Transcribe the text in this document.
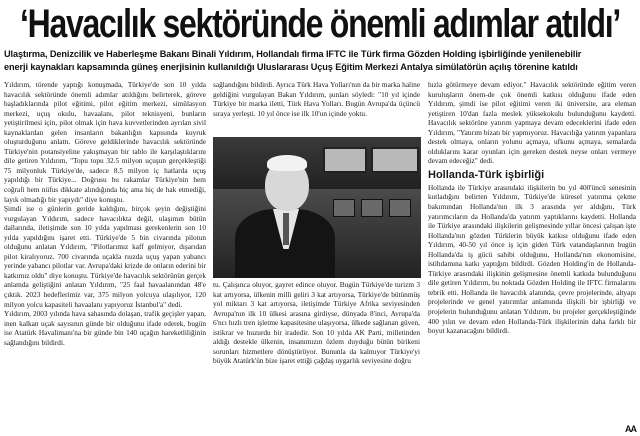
‘Havacılık sektöründe önemli adımlar atıldı’
Ulaştırma, Denizcilik ve Haberleşme Bakanı Binali Yıldırım, Hollandalı firma IFTC ile Türk firma Gözden Holding işbirliğinde yenilenebilir
enerji kaynakları kapsamında güneş enerjisinin kullanıldığı Uluslararası Uçuş Eğitim Merkezi Antalya simülatörün açılış törenine katıldı

Yıldırım, törende yaptığı konuşmada, Türkiye'de son 10 yılda havacılık sektöründe önemli adımlar atıldığını belirterek, göreve başladıklarında pilot eğitimi, pilot eğitim merkezi, simülasyon merkezi, uçuş okulu, havaalanı, pilot teknisyeni, bunların yetiştirilmesi için, pilot olmak için hava kuvvetlerinden ayrılan sivil kaynaklardan gelen insanların bakanlığın kapısında kuyruk oluşturduğunu anlattı. Göreve geldiklerinde havacılık sektöründe Türkiye'nin potansiyeline yakışmayan bir tablo ile karşılaştıklarını dile getiren Yıldırım, "Topu topu 32.5 milyon uçuşun gerçekleştiği 75 milyonluk Türkiye'de, sadece 8.5 milyon iç hatlarda uçuş yapıldığı bir Türkiye... Doğrusu bu rakamlar Türkiye'nin hem coğrafi hem nüfus dikkate alındığında hiç ama hiç de hak etmediği, layık olmadığı bir yapıydı" diye konuştu.

Şimdi ise o günlerin geride kaldığını, birçok şeyin değiştiğini vurgulayan Yıldırım, sadece havacılıkta değil, ulaşımın bütün dallarında, iletişimde son 10 yılda yapılması gerekenlerin son 10 yılda yapıldığını işaret etti. Türkiye'de 5 bin civarında pilotun olduğunu anlatan Yıldırım, "Pilotlarımız kaff gelmiyor, dışarıdan pilot kiralıyoruz. 700 civarında uçakla rıuzda uçuş yapan yabancı yerinde yabancı pilotlar var. Avrupa'daki krizde de onların ederini bir katkımız oldu" diye konuştu. Türkiye'de havacılık sektörünün gerçek anlamda geliştiğini anlatan Yıldırım, "25 faal havaalanından 48'e çıktık. 2023 hedeflerimiz var, 375 milyon yolcuya ulaşılıyor, 120 milyon yolcu kapasiteli havaalanı yapıyoruz İstanbul'a" dedi.

Yıldırım, 2003 yılında hava sahasında dolaşan, trafik geçişler yapan, inen kalkan uçak sayısının günde bir olduğunu ifade ederek, bugün ise Atatürk Havalimanı'na bir günde bin 140 uçağın hareketliliğinin sağlandığını bildirdi.

sağlandığını bildirdi. Ayrıca Türk Hava Yolları'nın da bir marka haline geldiğini vurgulayan Bakan Yıldırım, şunları söyledi: "10 yıl içinde Türkiye bir marka iletti, Türk Hava Yolları. Bugün Avrupa'da üçüncü sıraya yerleşti. 10 yıl önce ise ilk 10'un içinde yoktu.

tu. Çalışınca oluyor, gayret edince oluyor. Bugün Türkiye'de turizm 3 kat artıyorsa, ülkenin milli geliri 3 kat artıyorsa, Türkiye'de bütünmüş yol miktarı 3 kat artıyorsa, iletişimde Türkiye Afrika seviyesinden Avrupa'nın ilk 10 ülkesi arasına girdiyse, dünyada 8'inci, Avrupa'da 6'ncı hızlı tren işletme kapasitesine ulaşıyorsa, ülkede sağlanan güven, istikrar ve huzurdu bir iradedir. Son 10 yılda AK Parti, milletinden aldığı destekle ülkenin, insanımızın özlem duyduğu bütün birikeni sorunları hizmetlere dönüştürüyor. Bununla da kalmıyor Türkiye'yi büyük Atatürk'ün bize işaret ettiği çağdaş uygarlık seviyesine doğru

hızla götürmeye devam ediyor." Havacılık sektöründe eğitim veren kuruluşların önem-de çok önemli katkısı olduğunu ifade eden Yıldırım, şimdi ise pilot eğitimi veren iki üniversite, ara eleman yetiştiren 10'dan fazla meslek yüksekokulu bulunduğunu kaydetti. Havacılık sektörüne yatırım yapmaya devam edeceklerini ifade eden Yıldırım, "Yatırım bizatı bir yapmıyoruz. Havacılığa yatırım yapanlara destek olmaya, onların yolunu açmaya, ufkunu açmaya, semalarda olduklarını karar oyunları için gereken destek neyse onları vermeye devam edeceğiz" dedi.

Hollanda-Türk işbirliği

Hollanda ile Türkiye arasındaki ilişkilerin bu yıl 400'üncü senesinin kutladığını belirten Yıldırım, Türkiye'de küresel yatırıma çekme bakımından Hollanda'nın ilk 3 arasında yer aldığını, Türk yatırımcıların da Hollanda'da yatırım yaptıklarını kaydetti. Hollanda ile Türkiye arasındaki ilişkilerin gelişmesinde yıllar öncesi çalışan işte Hollanda'nın gözden Türklerin büyük katkısı olduğunu ifade eden Yıldırım, 40-50 yıl önce iş için giden Türk vatandaşlarının bugün Hollanda'da iş gücü sahibi olduğunu, Hollanda'nın ekonomisine, istihdamına katkı yaptığını bildirdi. Gözden Holding'in de Hollanda-Türkiye arasındaki ilişkinin gelişmesine önemli katkıda bulunduğunu dile getiren Yıldırım, bu noktada Gözden Holding ile IFTC firmalarını tebrik etti. Hollanda ile havacılık alanında, çevre projelerinde, altyapı projelerinde ve genel yatırımlar anlamında ilişkili bir işbirliği ve projelerin bulunduğunu anlatan Yıldırım, bu projeler gerçekleştiğinde 400 yılın ve devam eden Hollanda-Türk ilişkilerinin daha farklı bir boyut kazanacağını bildirdi.

AA
